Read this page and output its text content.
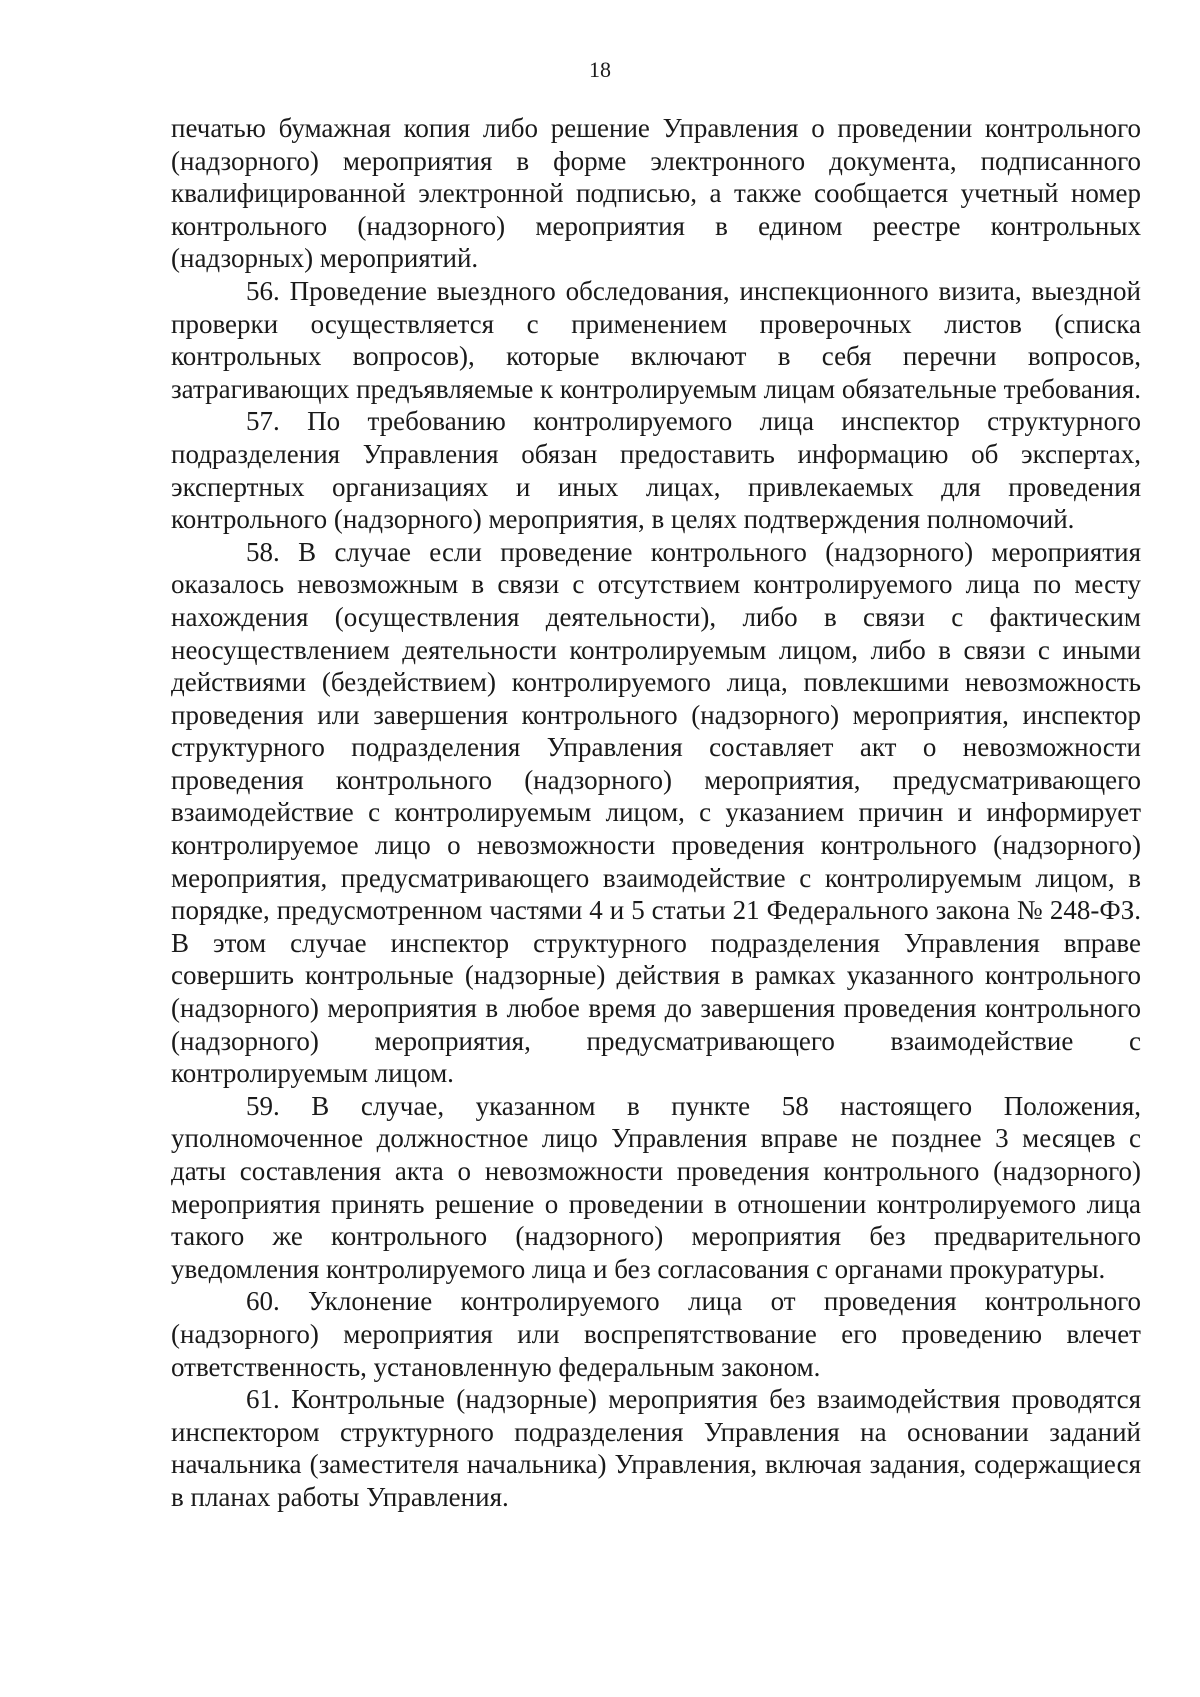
18

печатью бумажная копия либо решение Управления о проведении контрольного (надзорного) мероприятия в форме электронного документа, подписанного квалифицированной электронной подписью, а также сообщается учетный номер контрольного (надзорного) мероприятия в едином реестре контрольных (надзорных) мероприятий.

56. Проведение выездного обследования, инспекционного визита, выездной проверки осуществляется с применением проверочных листов (списка контрольных вопросов), которые включают в себя перечни вопросов, затрагивающих предъявляемые к контролируемым лицам обязательные требования.

57. По требованию контролируемого лица инспектор структурного подразделения Управления обязан предоставить информацию об экспертах, экспертных организациях и иных лицах, привлекаемых для проведения контрольного (надзорного) мероприятия, в целях подтверждения полномочий.

58. В случае если проведение контрольного (надзорного) мероприятия оказалось невозможным в связи с отсутствием контролируемого лица по месту нахождения (осуществления деятельности), либо в связи с фактическим неосуществлением деятельности контролируемым лицом, либо в связи с иными действиями (бездействием) контролируемого лица, повлекшими невозможность проведения или завершения контрольного (надзорного) мероприятия, инспектор структурного подразделения Управления составляет акт о невозможности проведения контрольного (надзорного) мероприятия, предусматривающего взаимодействие с контролируемым лицом, с указанием причин и информирует контролируемое лицо о невозможности проведения контрольного (надзорного) мероприятия, предусматривающего взаимодействие с контролируемым лицом, в порядке, предусмотренном частями 4 и 5 статьи 21 Федерального закона № 248-ФЗ. В этом случае инспектор структурного подразделения Управления вправе совершить контрольные (надзорные) действия в рамках указанного контрольного (надзорного) мероприятия в любое время до завершения проведения контрольного (надзорного) мероприятия, предусматривающего взаимодействие с контролируемым лицом.

59. В случае, указанном в пункте 58 настоящего Положения, уполномоченное должностное лицо Управления вправе не позднее 3 месяцев с даты составления акта о невозможности проведения контрольного (надзорного) мероприятия принять решение о проведении в отношении контролируемого лица такого же контрольного (надзорного) мероприятия без предварительного уведомления контролируемого лица и без согласования с органами прокуратуры.

60. Уклонение контролируемого лица от проведения контрольного (надзорного) мероприятия или воспрепятствование его проведению влечет ответственность, установленную федеральным законом.

61. Контрольные (надзорные) мероприятия без взаимодействия проводятся инспектором структурного подразделения Управления на основании заданий начальника (заместителя начальника) Управления, включая задания, содержащиеся в планах работы Управления.
